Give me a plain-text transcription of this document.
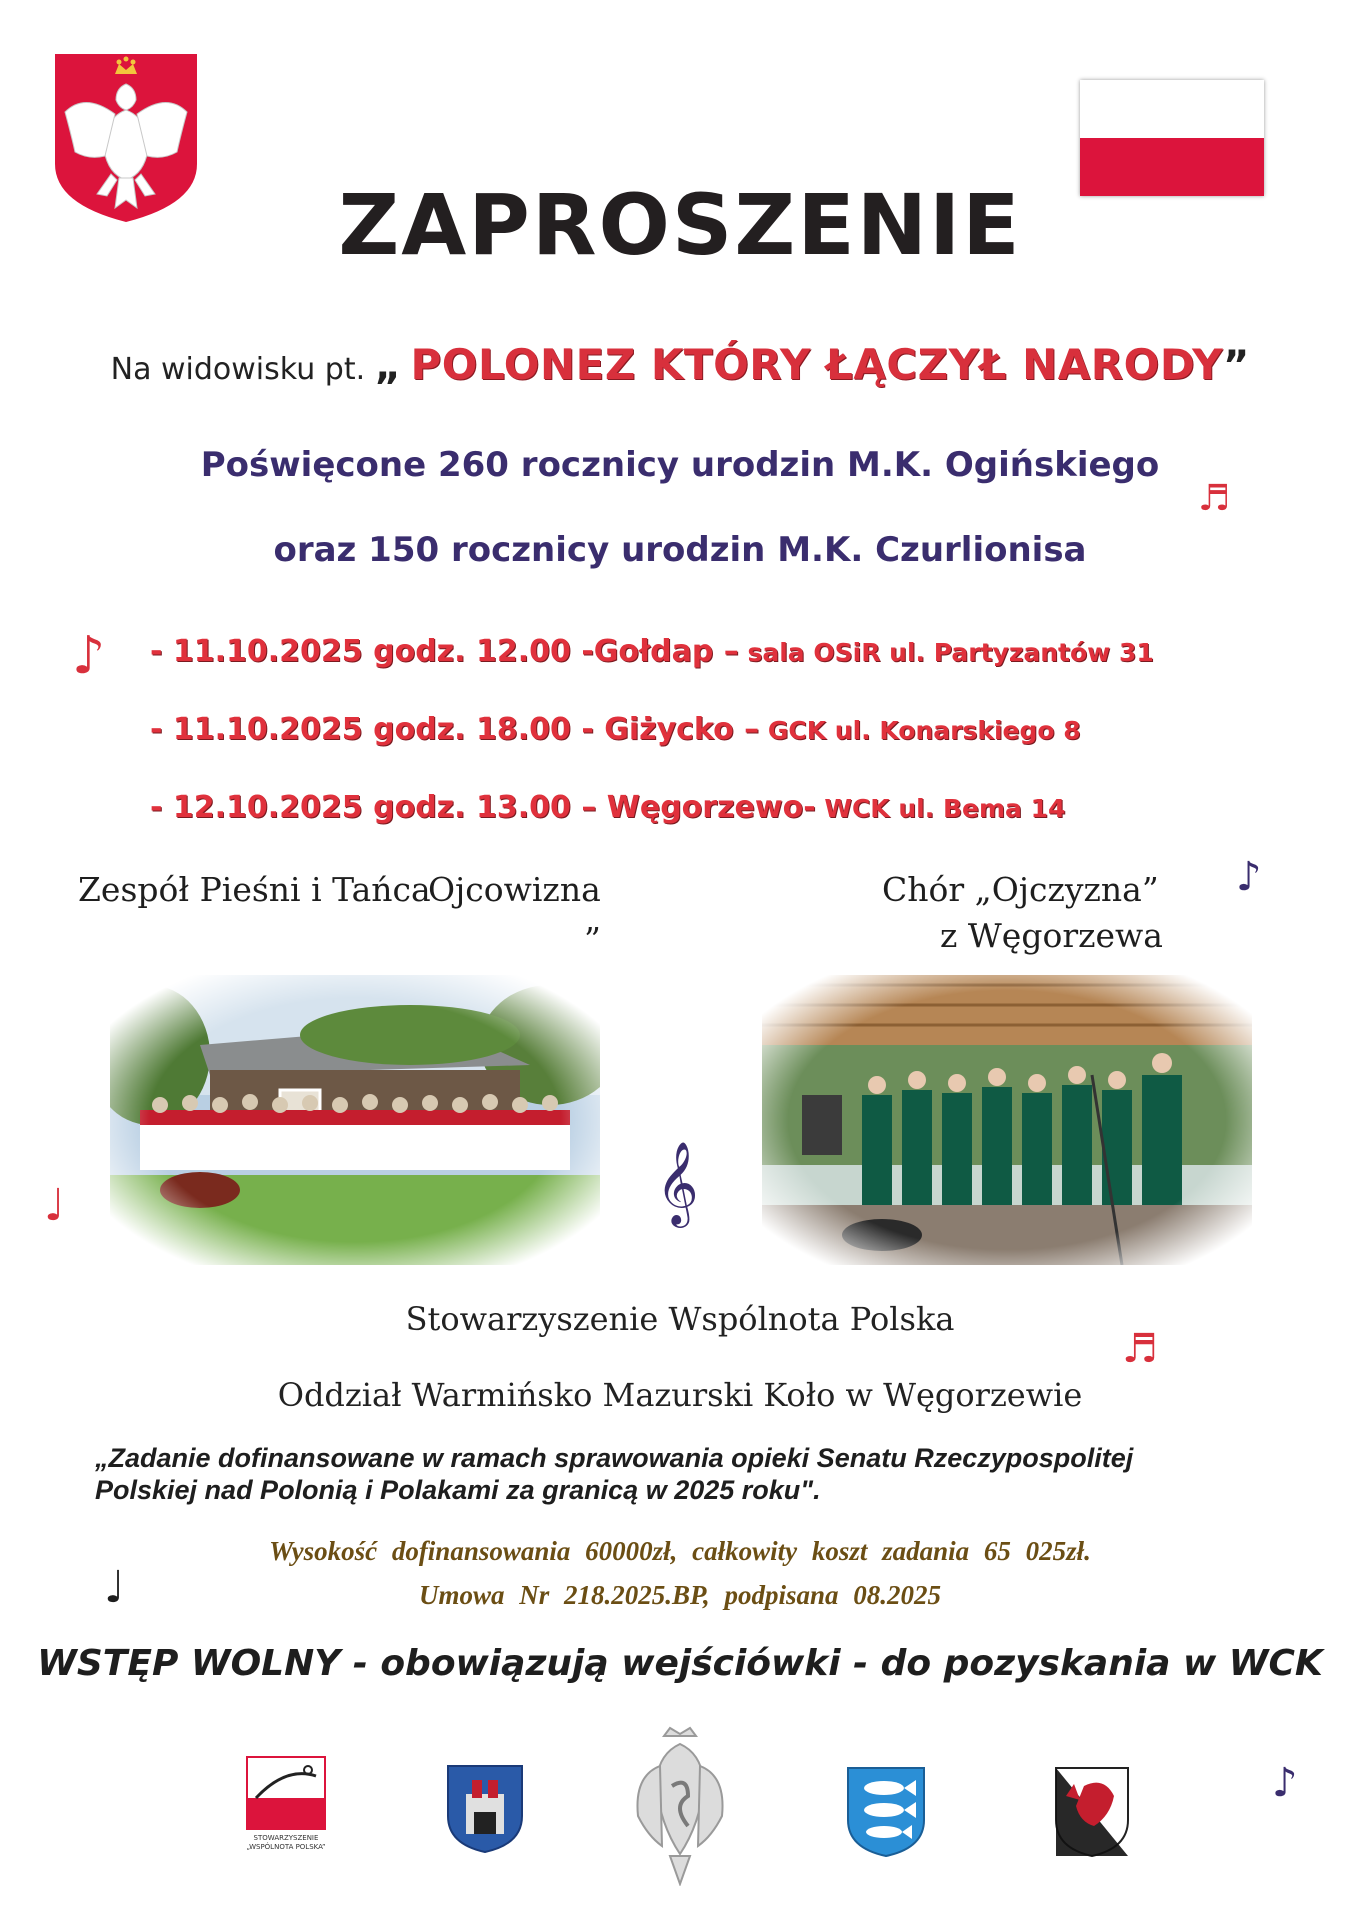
ZAPROSZENIE
Na widowisku pt. „ POLONEZ KTÓRY ŁĄCZYŁ NARODY”
Poświęcone 260 rocznicy urodzin M.K. Ogińskiego
oraz 150 rocznicy urodzin M.K. Czurlionisa
- 11.10.2025 godz. 12.00 -Gołdap – sala OSiR ul. Partyzantów 31
- 11.10.2025 godz. 18.00 - Giżycko – GCK ul. Konarskiego 8
- 12.10.2025 godz. 13.00 – Węgorzewo- WCK ul. Bema 14
Zespół Pieśni i Tańca
Ojcowizna
”
Chór „Ojczyzna”
z Węgorzewa
Stowarzyszenie Wspólnota Polska
Oddział Warmińsko Mazurski Koło w Węgorzewie
„Zadanie dofinansowane w ramach sprawowania opieki Senatu Rzeczypospolitej
Polskiej nad Polonią i Polakami za granicą w 2025 roku".
Wysokość dofinansowania 60000zł, całkowity koszt zadania 65 025zł.
Umowa Nr 218.2025.BP, podpisana 08.2025
WSTĘP WOLNY - obowiązują wejściówki - do pozyskania w WCK
♬
♪
♪
♩	𝄞
♬
♩
♪
STOWARZYSZENIE „WSPÓLNOTA POLSKA”
